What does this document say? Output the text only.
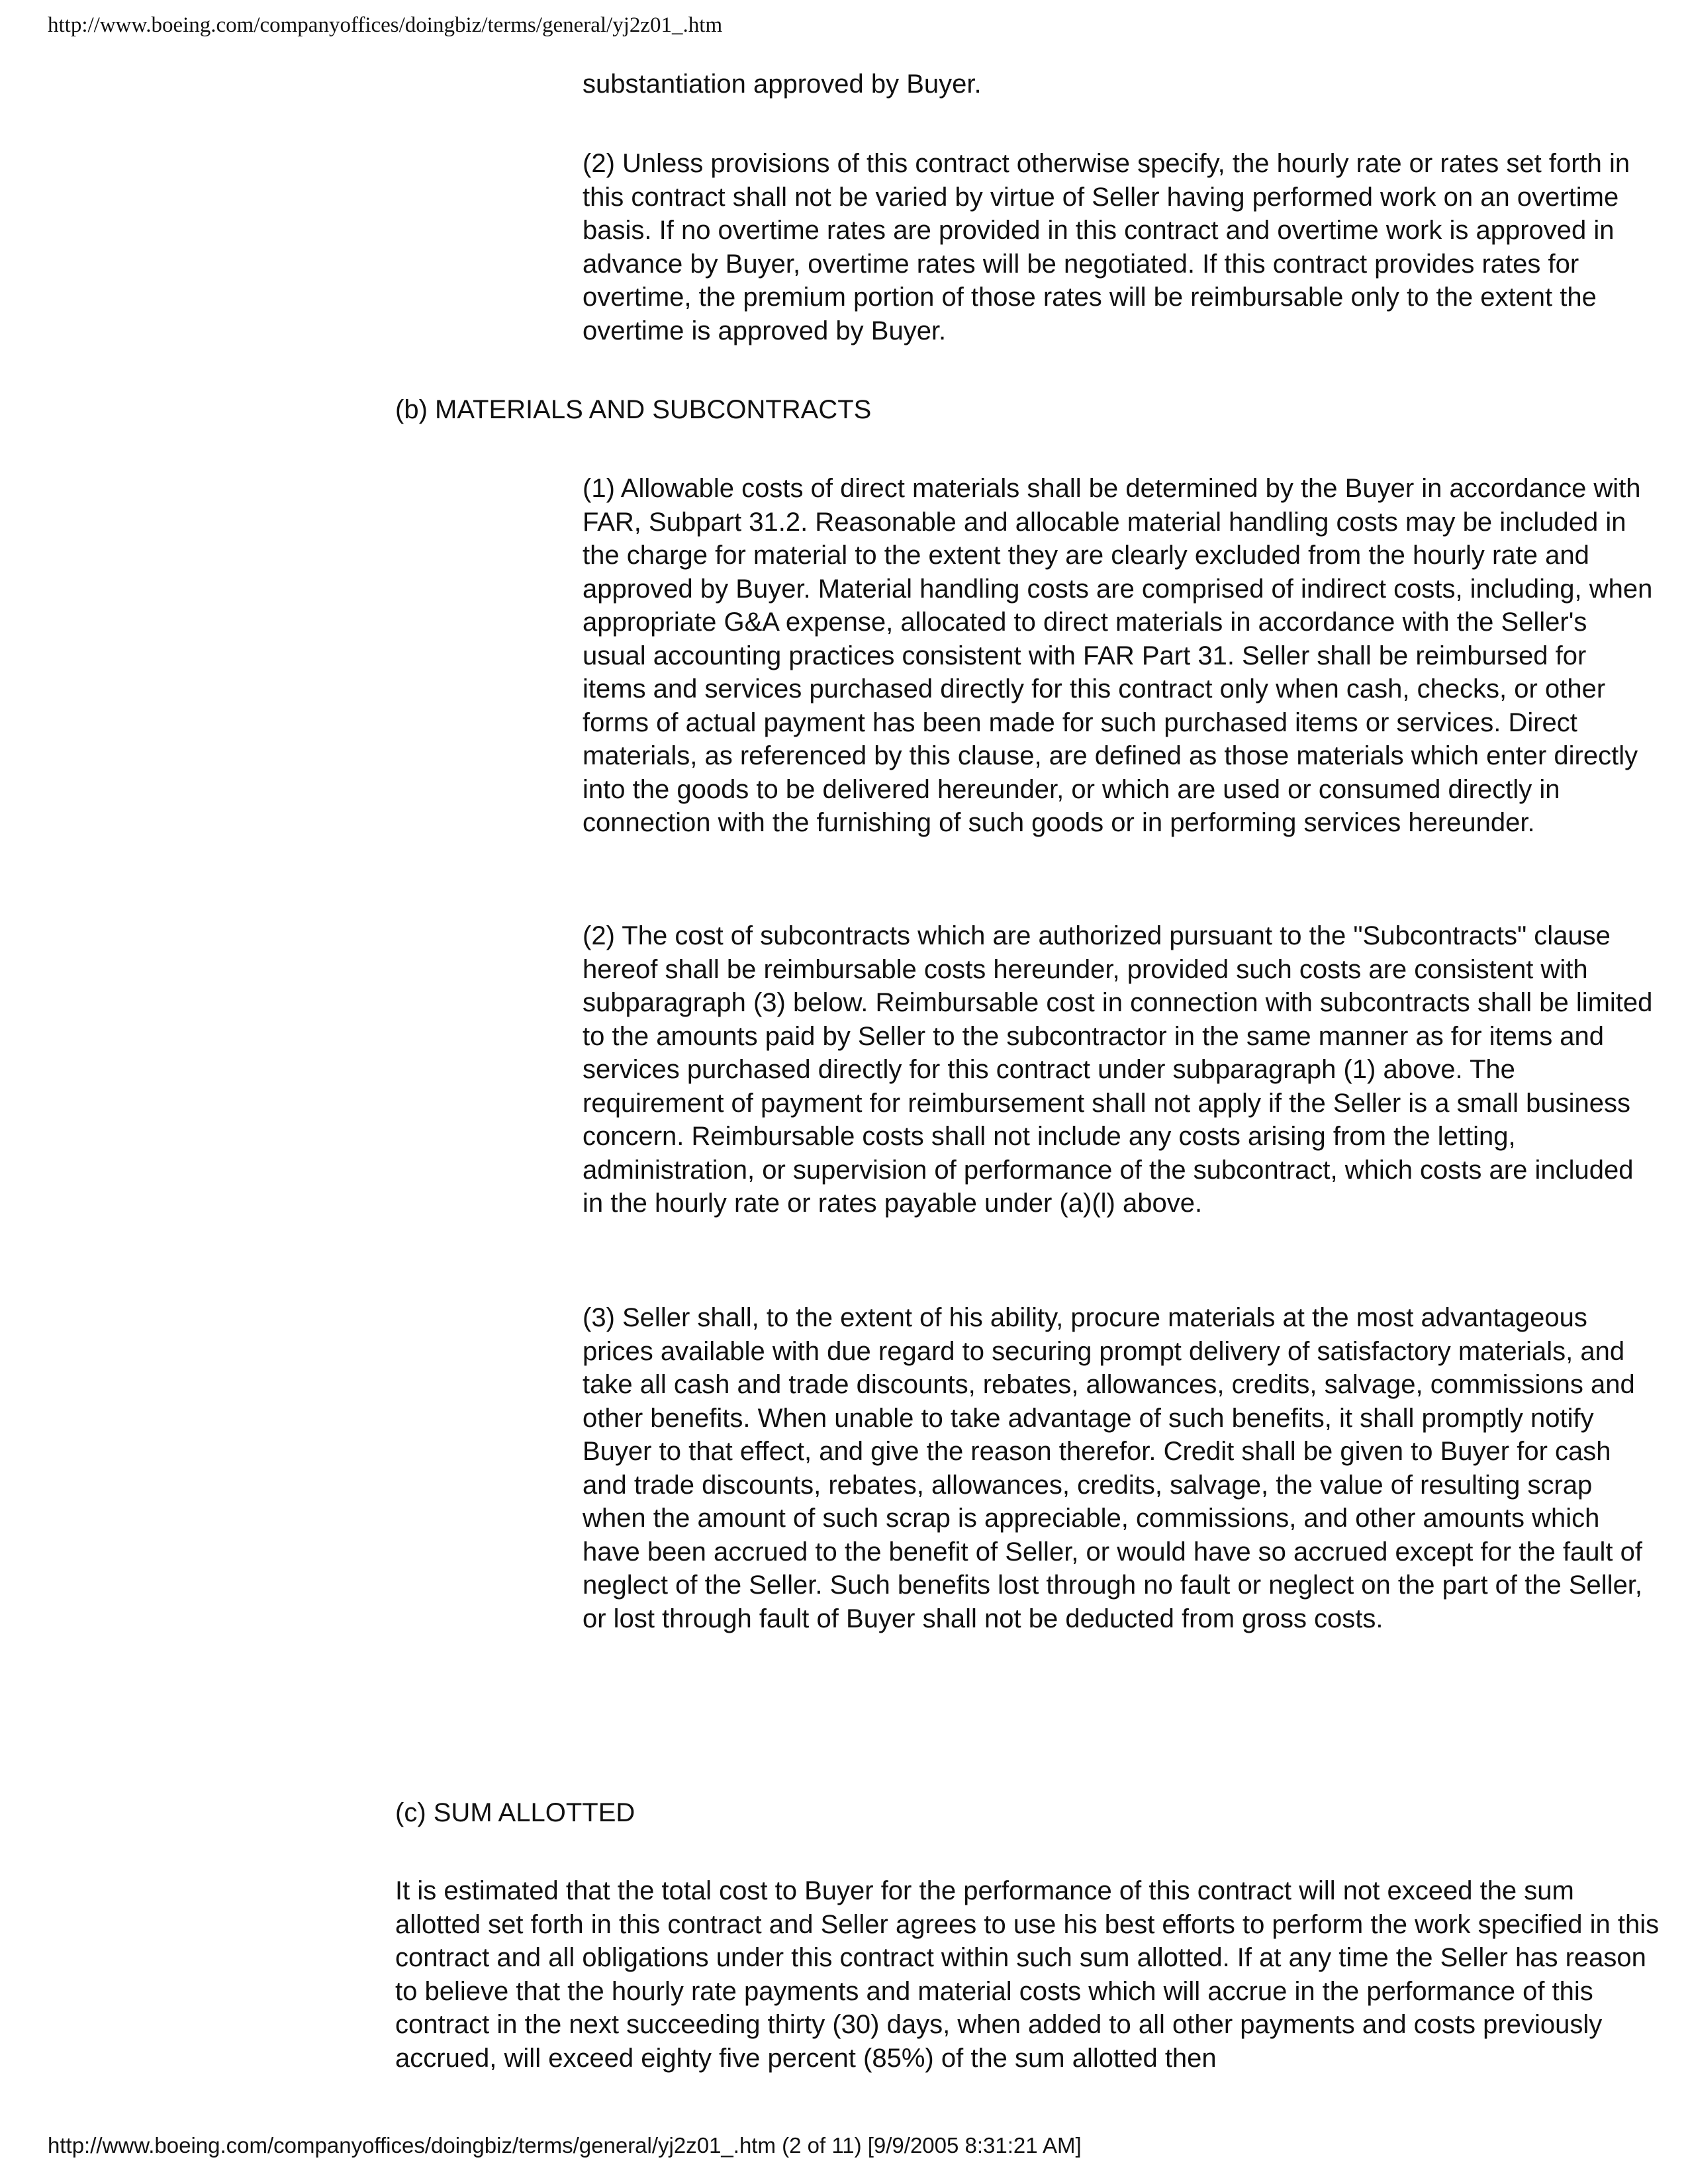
http://www.boeing.com/companyoffices/doingbiz/terms/general/yj2z01_.htm

substantiation approved by Buyer.

(2) Unless provisions of this contract otherwise specify, the hourly rate or rates set forth in this contract shall not be varied by virtue of Seller having performed work on an overtime basis. If no overtime rates are provided in this contract and overtime work is approved in advance by Buyer, overtime rates will be negotiated. If this contract provides rates for overtime, the premium portion of those rates will be reimbursable only to the extent the overtime is approved by Buyer.

(b) MATERIALS AND SUBCONTRACTS

(1) Allowable costs of direct materials shall be determined by the Buyer in accordance with FAR, Subpart 31.2. Reasonable and allocable material handling costs may be included in the charge for material to the extent they are clearly excluded from the hourly rate and approved by Buyer. Material handling costs are comprised of indirect costs, including, when appropriate G&A expense, allocated to direct materials in accordance with the Seller's usual accounting practices consistent with FAR Part 31. Seller shall be reimbursed for items and services purchased directly for this contract only when cash, checks, or other forms of actual payment has been made for such purchased items or services. Direct materials, as referenced by this clause, are defined as those materials which enter directly into the goods to be delivered hereunder, or which are used or consumed directly in connection with the furnishing of such goods or in performing services hereunder.

(2) The cost of subcontracts which are authorized pursuant to the "Subcontracts" clause hereof shall be reimbursable costs hereunder, provided such costs are consistent with subparagraph (3) below. Reimbursable cost in connection with subcontracts shall be limited to the amounts paid by Seller to the subcontractor in the same manner as for items and services purchased directly for this contract under subparagraph (1) above. The requirement of payment for reimbursement shall not apply if the Seller is a small business concern. Reimbursable costs shall not include any costs arising from the letting, administration, or supervision of performance of the subcontract, which costs are included in the hourly rate or rates payable under (a)(l) above.

(3) Seller shall, to the extent of his ability, procure materials at the most advantageous prices available with due regard to securing prompt delivery of satisfactory materials, and take all cash and trade discounts, rebates, allowances, credits, salvage, commissions and other benefits. When unable to take advantage of such benefits, it shall promptly notify Buyer to that effect, and give the reason therefor. Credit shall be given to Buyer for cash and trade discounts, rebates, allowances, credits, salvage, the value of resulting scrap when the amount of such scrap is appreciable, commissions, and other amounts which have been accrued to the benefit of Seller, or would have so accrued except for the fault of neglect of the Seller. Such benefits lost through no fault or neglect on the part of the Seller, or lost through fault of Buyer shall not be deducted from gross costs.

(c) SUM ALLOTTED

It is estimated that the total cost to Buyer for the performance of this contract will not exceed the sum allotted set forth in this contract and Seller agrees to use his best efforts to perform the work specified in this contract and all obligations under this contract within such sum allotted. If at any time the Seller has reason to believe that the hourly rate payments and material costs which will accrue in the performance of this contract in the next succeeding thirty (30) days, when added to all other payments and costs previously accrued, will exceed eighty five percent (85%) of the sum allotted then

http://www.boeing.com/companyoffices/doingbiz/terms/general/yj2z01_.htm (2 of 11) [9/9/2005 8:31:21 AM]
